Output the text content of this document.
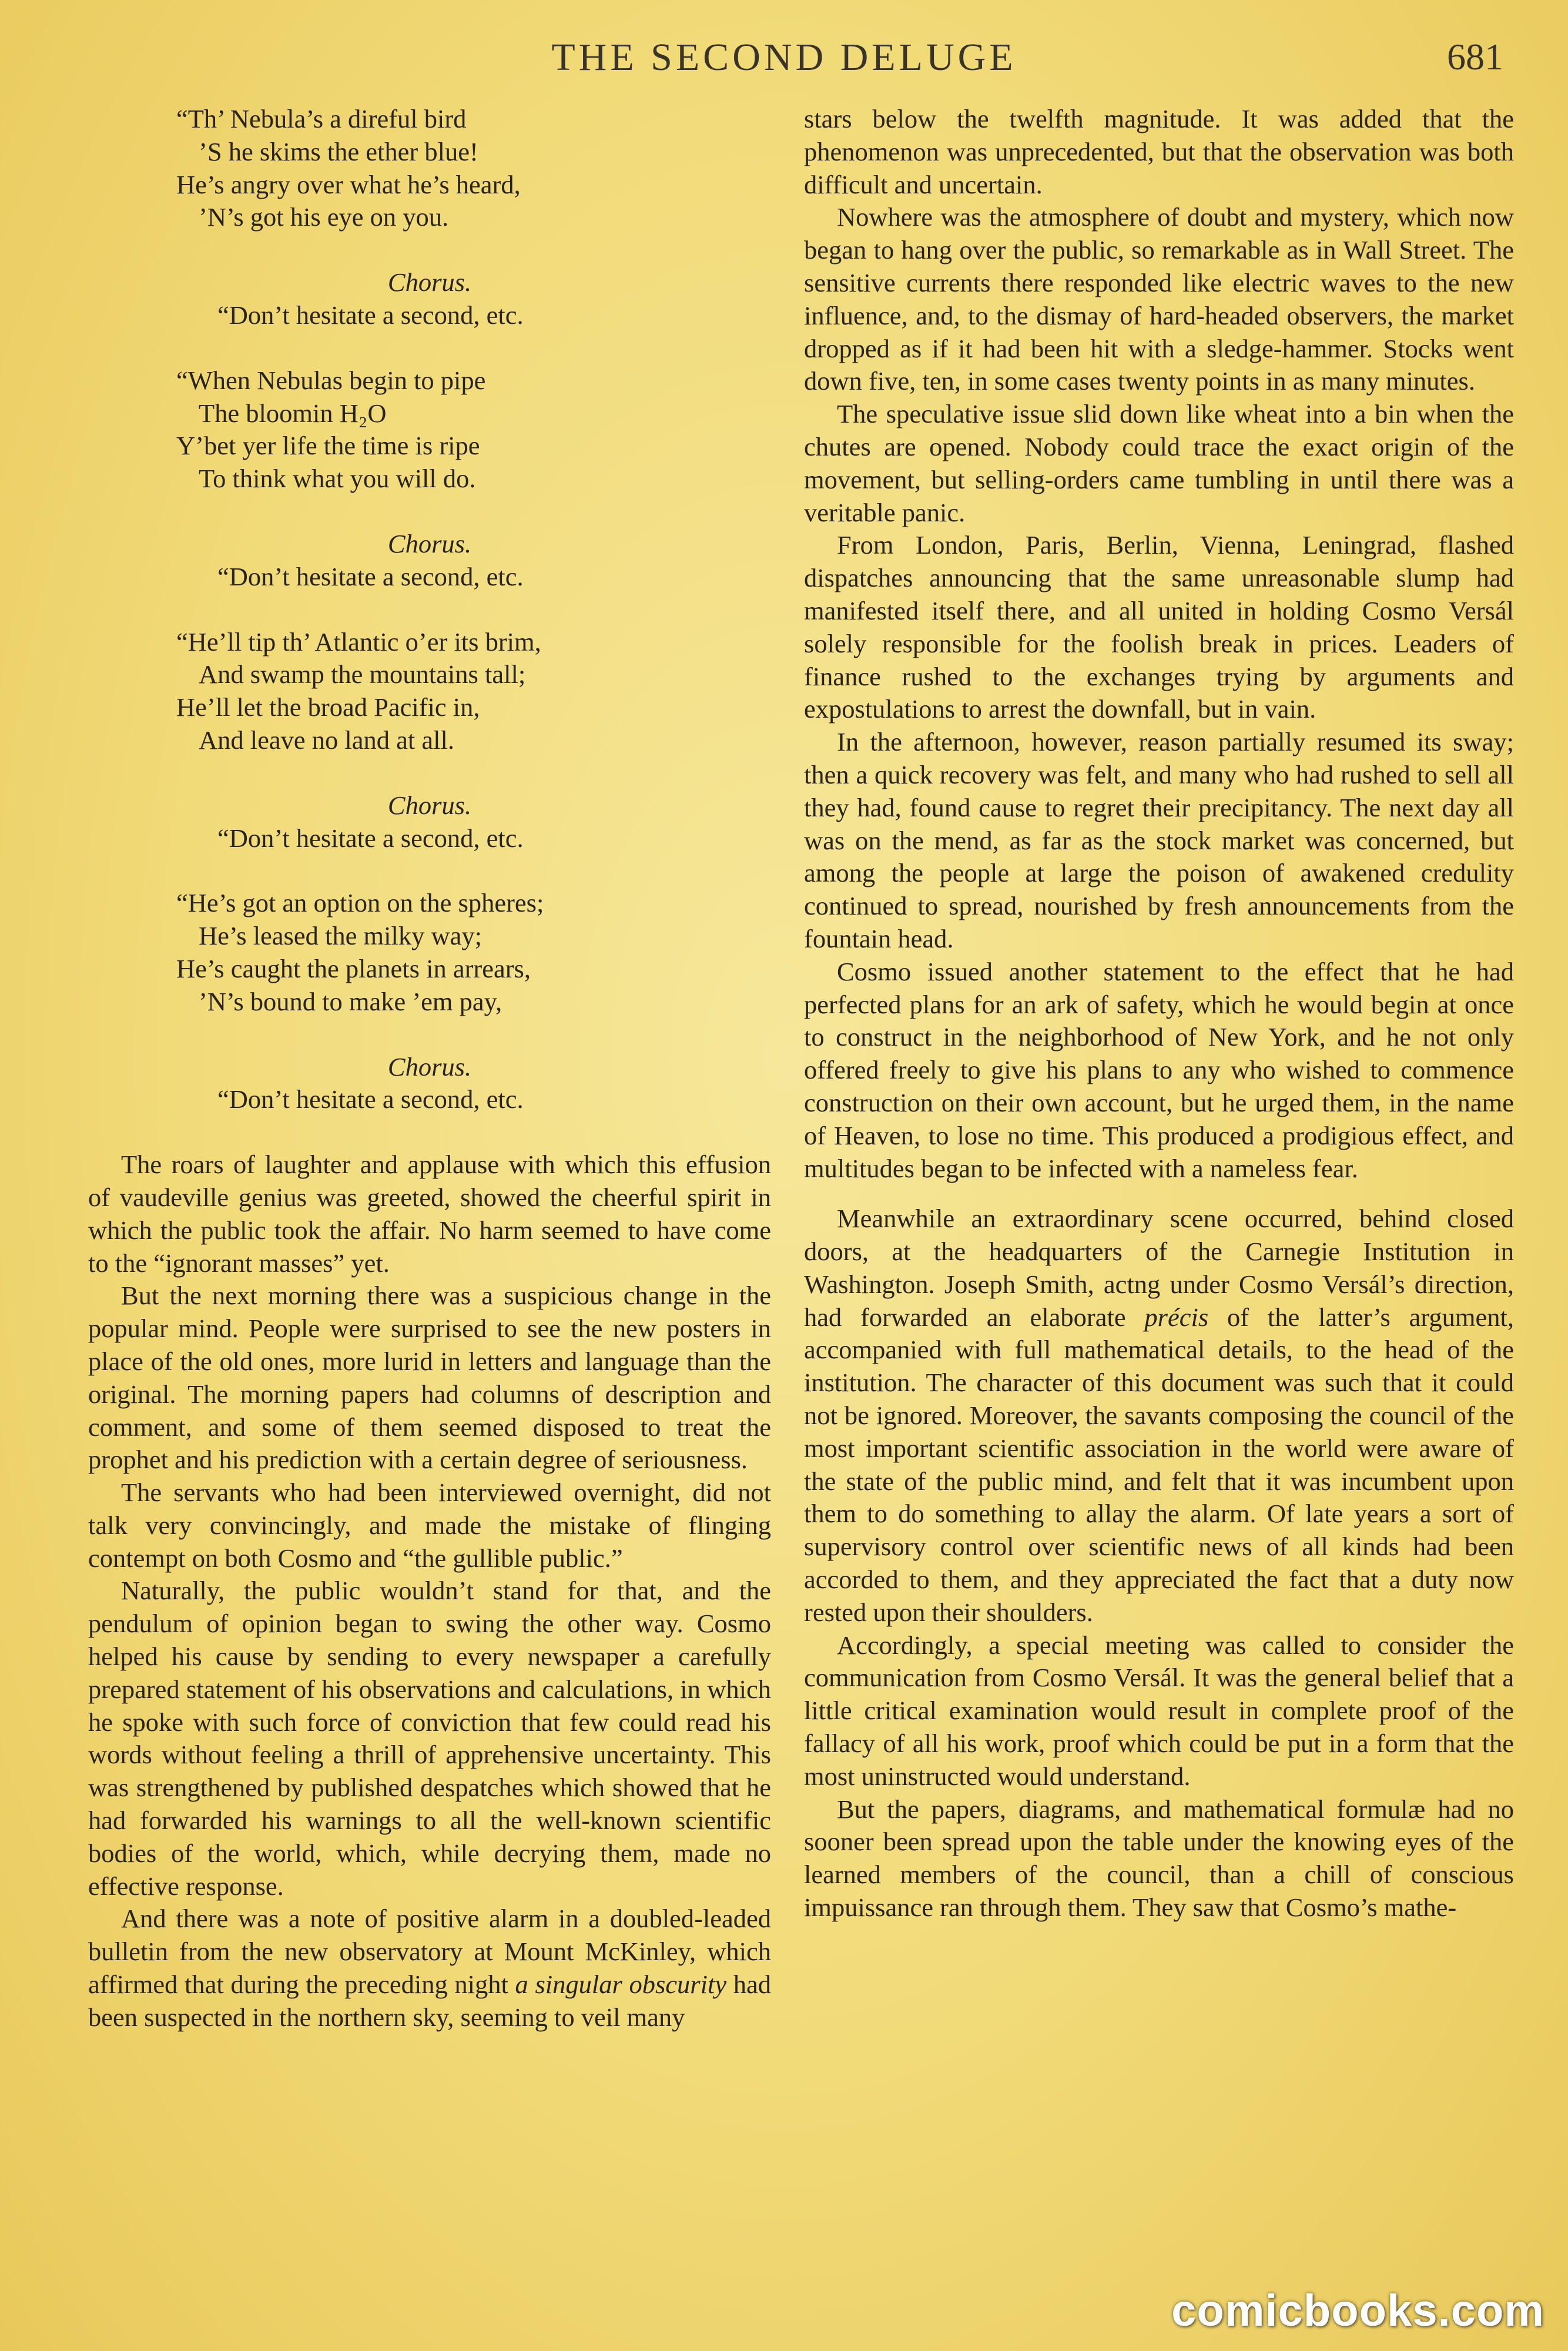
THE SECOND DELUGE	681
“Th’ Nebula’s a direful bird
’S he skims the ether blue!
He’s angry over what he’s heard,
’N’s got his eye on you.
Chorus.
“Don’t hesitate a second, etc.
“When Nebulas begin to pipe
The bloomin H₂O
Y’bet yer life the time is ripe
To think what you will do.
Chorus.
“Don’t hesitate a second, etc.
“He’ll tip th’ Atlantic o’er its brim,
And swamp the mountains tall;
He’ll let the broad Pacific in,
And leave no land at all.
Chorus.
“Don’t hesitate a second, etc.
“He’s got an option on the spheres;
He’s leased the milky way;
He’s caught the planets in arrears,
’N’s bound to make ’em pay,
Chorus.
“Don’t hesitate a second, etc.

The roars of laughter and applause with which this effusion of vaudeville genius was greeted, showed the cheerful spirit in which the public took the affair. No harm seemed to have come to the “ignorant masses” yet.

But the next morning there was a suspicious change in the popular mind. People were surprised to see the new posters in place of the old ones, more lurid in letters and language than the original. The morning papers had columns of description and comment, and some of them seemed disposed to treat the prophet and his prediction with a certain degree of seriousness.

The servants who had been interviewed overnight, did not talk very convincingly, and made the mistake of flinging contempt on both Cosmo and “the gullible public.”

Naturally, the public wouldn’t stand for that, and the pendulum of opinion began to swing the other way. Cosmo helped his cause by sending to every newspaper a carefully prepared statement of his observations and calculations, in which he spoke with such force of conviction that few could read his words without feeling a thrill of apprehensive uncertainty. This was strengthened by published despatches which showed that he had forwarded his warnings to all the well-known scientific bodies of the world, which, while decrying them, made no effective response.

And there was a note of positive alarm in a doubled-leaded bulletin from the new observatory at Mount McKinley, which affirmed that during the preceding night a singular obscurity had been suspected in the northern sky, seeming to veil many

stars below the twelfth magnitude. It was added that the phenomenon was unprecedented, but that the observation was both difficult and uncertain.

Nowhere was the atmosphere of doubt and mystery, which now began to hang over the public, so remarkable as in Wall Street. The sensitive currents there responded like electric waves to the new influence, and, to the dismay of hard-headed observers, the market dropped as if it had been hit with a sledge-hammer. Stocks went down five, ten, in some cases twenty points in as many minutes.

The speculative issue slid down like wheat into a bin when the chutes are opened. Nobody could trace the exact origin of the movement, but selling-orders came tumbling in until there was a veritable panic.

From London, Paris, Berlin, Vienna, Leningrad, flashed dispatches announcing that the same unreasonable slump had manifested itself there, and all united in holding Cosmo Versál solely responsible for the foolish break in prices. Leaders of finance rushed to the exchanges trying by arguments and expostulations to arrest the downfall, but in vain.

In the afternoon, however, reason partially resumed its sway; then a quick recovery was felt, and many who had rushed to sell all they had, found cause to regret their precipitancy. The next day all was on the mend, as far as the stock market was concerned, but among the people at large the poison of awakened credulity continued to spread, nourished by fresh announcements from the fountain head.

Cosmo issued another statement to the effect that he had perfected plans for an ark of safety, which he would begin at once to construct in the neighborhood of New York, and he not only offered freely to give his plans to any who wished to commence construction on their own account, but he urged them, in the name of Heaven, to lose no time. This produced a prodigious effect, and multitudes began to be infected with a nameless fear.

Meanwhile an extraordinary scene occurred, behind closed doors, at the headquarters of the Carnegie Institution in Washington. Joseph Smith, actng under Cosmo Versál’s direction, had forwarded an elaborate précis of the latter’s argument, accompanied with full mathematical details, to the head of the institution. The character of this document was such that it could not be ignored. Moreover, the savants composing the council of the most important scientific association in the world were aware of the state of the public mind, and felt that it was incumbent upon them to do something to allay the alarm. Of late years a sort of supervisory control over scientific news of all kinds had been accorded to them, and they appreciated the fact that a duty now rested upon their shoulders.

Accordingly, a special meeting was called to consider the communication from Cosmo Versál. It was the general belief that a little critical examination would result in complete proof of the fallacy of all his work, proof which could be put in a form that the most uninstructed would understand.

But the papers, diagrams, and mathematical formulæ had no sooner been spread upon the table under the knowing eyes of the learned members of the council, than a chill of conscious impuissance ran through them. They saw that Cosmo’s mathe-

comicbooks.com
